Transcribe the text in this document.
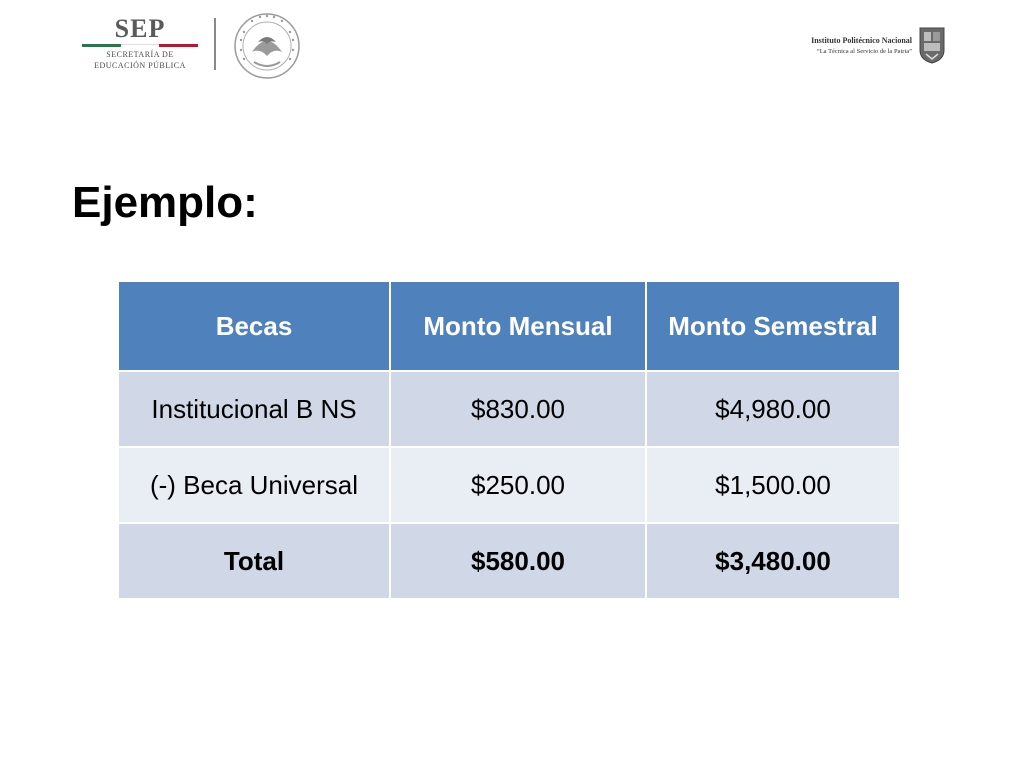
SEP
SECRETARÍA DE
EDUCACIÓN PÚBLICA
Instituto Politécnico Nacional
“La Técnica al Servicio de la Patria”
Ejemplo:
Becas	Monto Mensual	Monto Semestral
Institucional B NS	$830.00	$4,980.00
(-) Beca Universal	$250.00	$1,500.00
Total	$580.00	$3,480.00
